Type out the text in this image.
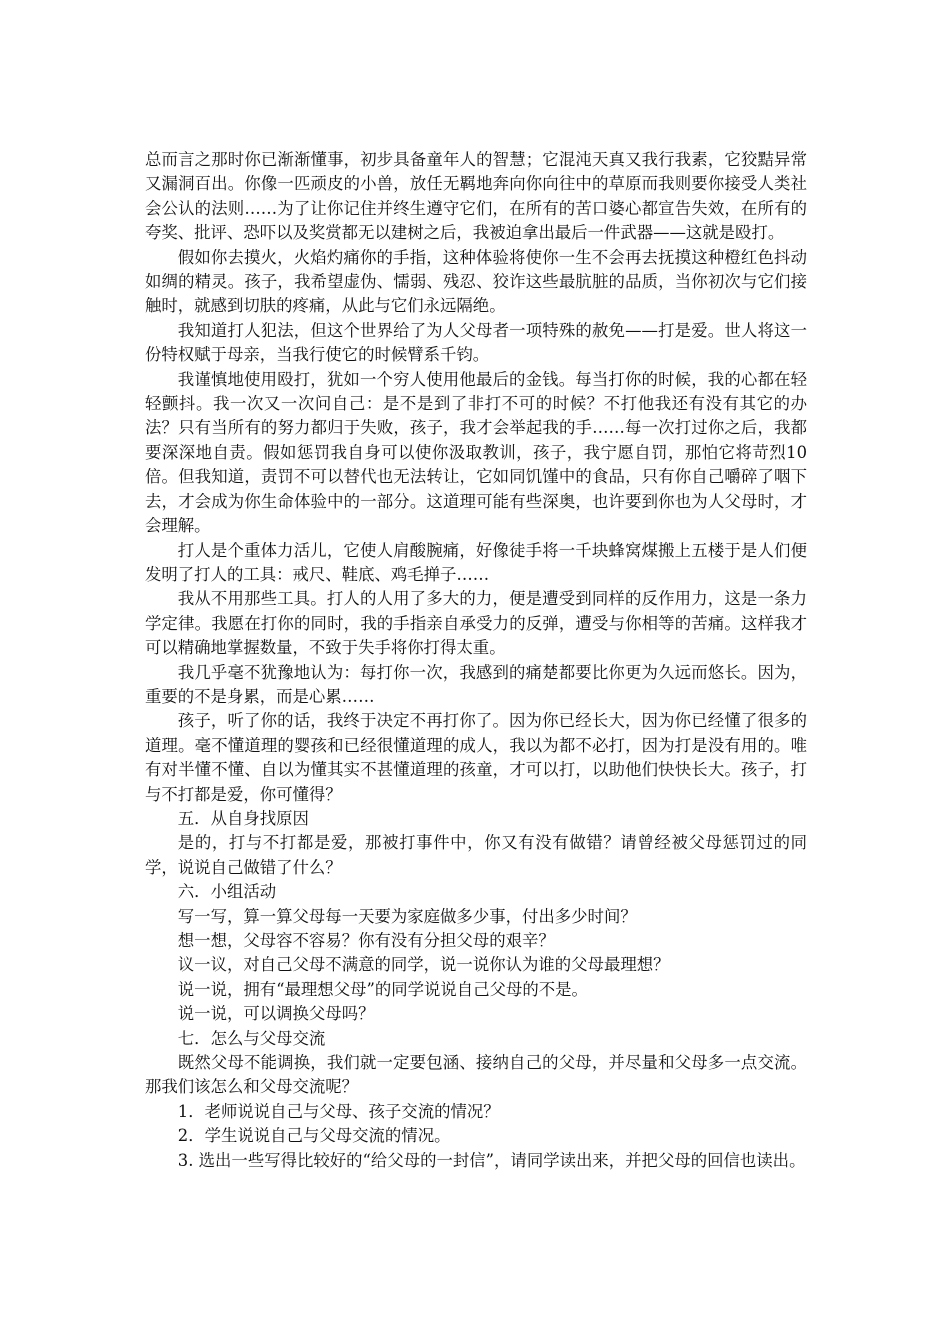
总而言之那时你已渐渐懂事，初步具备童年人的智慧；它混沌天真又我行我素，它狡黠异常又漏洞百出。你像一匹顽皮的小兽，放任无羁地奔向你向往中的草原而我则要你接受人类社会公认的法则……为了让你记住并终生遵守它们，在所有的苦口婆心都宣告失效，在所有的夸奖、批评、恐吓以及奖赏都无以建树之后，我被迫拿出最后一件武器——这就是殴打。

假如你去摸火，火焰灼痛你的手指，这种体验将使你一生不会再去抚摸这种橙红色抖动如绸的精灵。孩子，我希望虚伪、懦弱、残忍、狡诈这些最肮脏的品质，当你初次与它们接触时，就感到切肤的疼痛，从此与它们永远隔绝。

我知道打人犯法，但这个世界给了为人父母者一项特殊的赦免——打是爱。世人将这一份特权赋于母亲，当我行使它的时候臂系千钧。

我谨慎地使用殴打，犹如一个穷人使用他最后的金钱。每当打你的时候，我的心都在轻轻颤抖。我一次又一次问自己：是不是到了非打不可的时候？不打他我还有没有其它的办法？只有当所有的努力都归于失败，孩子，我才会举起我的手……每一次打过你之后，我都要深深地自责。假如惩罚我自身可以使你汲取教训，孩子，我宁愿自罚，那怕它将苛烈10倍。但我知道，责罚不可以替代也无法转让，它如同饥馑中的食品，只有你自己嚼碎了咽下去，才会成为你生命体验中的一部分。这道理可能有些深奥，也许要到你也为人父母时，才会理解。

打人是个重体力活儿，它使人肩酸腕痛，好像徒手将一千块蜂窝煤搬上五楼于是人们便发明了打人的工具：戒尺、鞋底、鸡毛掸子……

我从不用那些工具。打人的人用了多大的力，便是遭受到同样的反作用力，这是一条力学定律。我愿在打你的同时，我的手指亲自承受力的反弹，遭受与你相等的苦痛。这样我才可以精确地掌握数量，不致于失手将你打得太重。

我几乎毫不犹豫地认为：每打你一次，我感到的痛楚都要比你更为久远而悠长。因为，重要的不是身累，而是心累……

孩子，听了你的话，我终于决定不再打你了。因为你已经长大，因为你已经懂了很多的道理。毫不懂道理的婴孩和已经很懂道理的成人，我以为都不必打，因为打是没有用的。唯有对半懂不懂、自以为懂其实不甚懂道理的孩童，才可以打，以助他们快快长大。孩子，打与不打都是爱，你可懂得？

五．从自身找原因

是的，打与不打都是爱，那被打事件中，你又有没有做错？请曾经被父母惩罚过的同学，说说自己做错了什么？

六．小组活动

写一写，算一算父母每一天要为家庭做多少事，付出多少时间？

想一想，父母容不容易？你有没有分担父母的艰辛？

议一议，对自己父母不满意的同学，说一说你认为谁的父母最理想？

说一说，拥有“最理想父母”的同学说说自己父母的不是。

说一说，可以调换父母吗？

七．怎么与父母交流

既然父母不能调换，我们就一定要包涵、接纳自己的父母，并尽量和父母多一点交流。那我们该怎么和父母交流呢？

1．老师说说自己与父母、孩子交流的情况？

2．学生说说自己与父母交流的情况。

3. 选出一些写得比较好的“给父母的一封信”，请同学读出来，并把父母的回信也读出。
